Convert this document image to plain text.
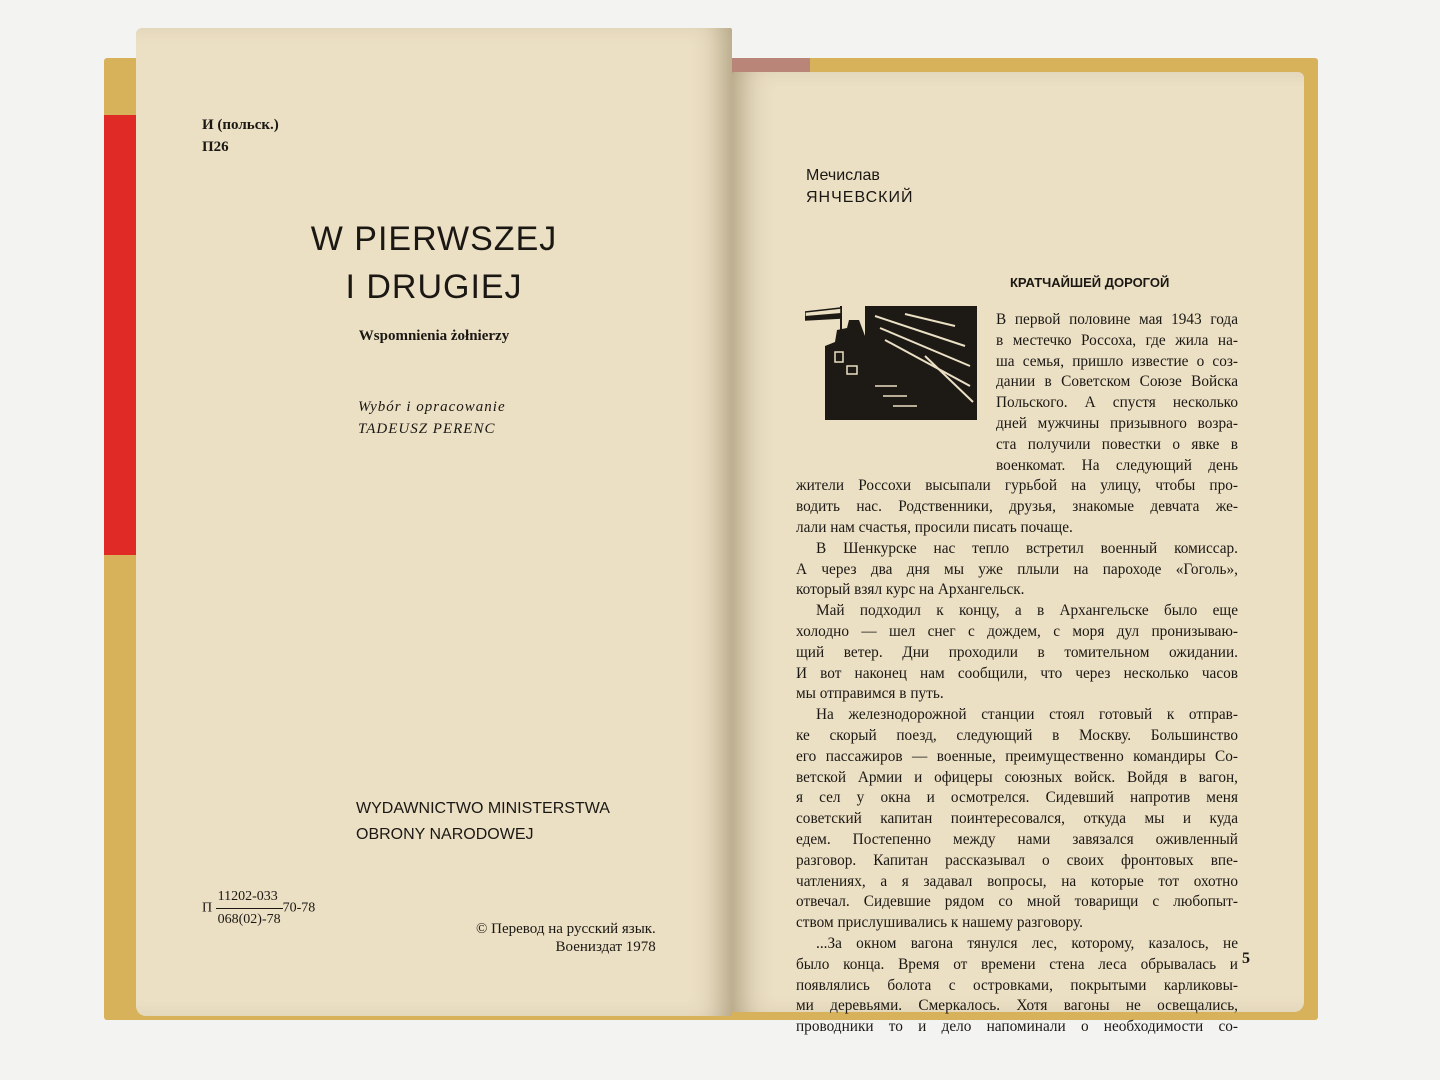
И (польск.)
П26
W PIERWSZEJ
I DRUGIEJ
Wspomnienia żołnierzy
Wybór i opracowanie
TADEUSZ PERENC
WYDAWNICTWO MINISTERSTWA
OBRONY NARODOWEJ
П $\frac{11202-033}{068(02)-78} 70-78$
© Перевод на русский язык.
Воениздат 1978
Мечислав
ЯНЧЕВСКИЙ
КРАТЧАЙШЕЙ ДОРОГОЙ
В первой половине мая 1943 года
в местечко Россоха, где жила на-
ша семья, пришло известие о соз-
дании в Советском Союзе Войска
Польского. А спустя несколько
дней мужчины призывного возра-
ста получили повестки о явке в
военкомат. На следующий день
жители Россохи высыпали гурьбой на улицу, чтобы про-
водить нас. Родственники, друзья, знакомые девчата же-
лали нам счастья, просили писать почаще.
В Шенкурске нас тепло встретил военный комиссар.
А через два дня мы уже плыли на пароходе «Гоголь»,
который взял курс на Архангельск.
Май подходил к концу, а в Архангельске было еще
холодно — шел снег с дождем, с моря дул пронизываю-
щий ветер. Дни проходили в томительном ожидании.
И вот наконец нам сообщили, что через несколько часов
мы отправимся в путь.
На железнодорожной станции стоял готовый к отправ-
ке скорый поезд, следующий в Москву. Большинство
его пассажиров — военные, преимущественно командиры Со-
ветской Армии и офицеры союзных войск. Войдя в вагон,
я сел у окна и осмотрелся. Сидевший напротив меня
советский капитан поинтересовался, откуда мы и куда
едем. Постепенно между нами завязался оживленный
разговор. Капитан рассказывал о своих фронтовых впе-
чатлениях, а я задавал вопросы, на которые тот охотно
отвечал. Сидевшие рядом со мной товарищи с любопыт-
ством прислушивались к нашему разговору.
...За окном вагона тянулся лес, которому, казалось, не
было конца. Время от времени стена леса обрывалась и
появлялись болота с островками, покрытыми карликовы-
ми деревьями. Смеркалось. Хотя вагоны не освещались,
проводники то и дело напоминали о необходимости со-
5
